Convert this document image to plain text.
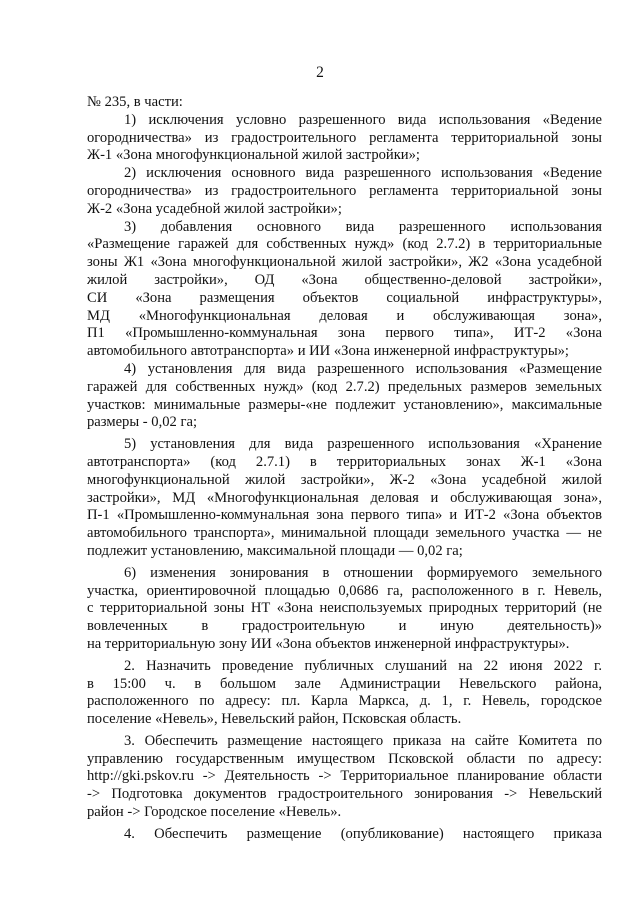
2
№ 235, в части:
1) исключения условно разрешенного вида использования «Ведение
огородничества» из градостроительного регламента территориальной зоны
Ж-1 «Зона многофункциональной жилой застройки»;
2) исключения основного вида разрешенного использования «Ведение
огородничества» из градостроительного регламента территориальной зоны
Ж-2 «Зона усадебной жилой застройки»;
3) добавления основного вида разрешенного использования
«Размещение гаражей для собственных нужд» (код 2.7.2) в территориальные
зоны Ж1 «Зона многофункциональной жилой застройки», Ж2 «Зона усадебной
жилой застройки», ОД «Зона общественно-деловой застройки»,
СИ «Зона размещения объектов социальной инфраструктуры»,
МД «Многофункциональная деловая и обслуживающая зона»,
П1 «Промышленно-коммунальная зона первого типа», ИТ-2 «Зона
автомобильного автотранспорта» и ИИ «Зона инженерной инфраструктуры»;
4) установления для вида разрешенного использования «Размещение
гаражей для собственных нужд» (код 2.7.2) предельных размеров земельных
участков: минимальные размеры-«не подлежит установлению», максимальные
размеры - 0,02 га;
5) установления для вида разрешенного использования «Хранение
автотранспорта» (код 2.7.1) в территориальных зонах Ж-1 «Зона
многофункциональной жилой застройки», Ж-2 «Зона усадебной жилой
застройки», МД «Многофункциональная деловая и обслуживающая зона»,
П-1 «Промышленно-коммунальная зона первого типа» и ИТ-2 «Зона объектов
автомобильного транспорта», минимальной площади земельного участка — не
подлежит установлению, максимальной площади — 0,02 га;
6) изменения зонирования в отношении формируемого земельного
участка, ориентировочной площадью 0,0686 га, расположенного в г. Невель,
с территориальной зоны НТ «Зона неиспользуемых природных территорий (не
вовлеченных в градостроительную и иную деятельность)»
на территориальную зону ИИ «Зона объектов инженерной инфраструктуры».
2. Назначить проведение публичных слушаний на 22 июня 2022 г.
в 15:00 ч. в большом зале Администрации Невельского района,
расположенного по адресу: пл. Карла Маркса, д. 1, г. Невель, городское
поселение «Невель», Невельский район, Псковская область.
3. Обеспечить размещение настоящего приказа на сайте Комитета по
управлению государственным имуществом Псковской области по адресу:
http://gki.pskov.ru -> Деятельность -> Территориальное планирование области
-> Подготовка документов градостроительного зонирования -> Невельский
район -> Городское поселение «Невель».
4. Обеспечить размещение (опубликование) настоящего приказа
